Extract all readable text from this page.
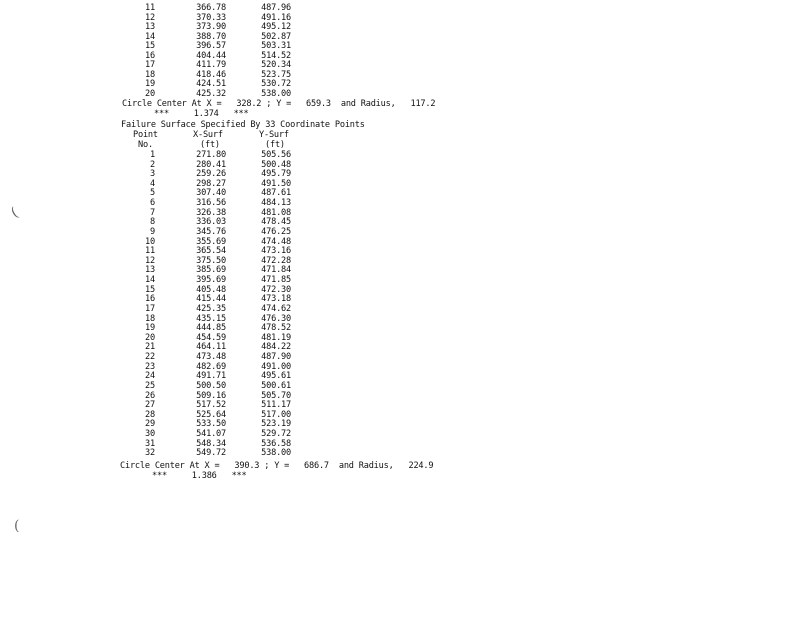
(
(
11	366.78	487.96
12	370.33	491.16
13	373.90	495.12
14	388.70	502.87
15	396.57	503.31
16	404.44	514.52
17	411.79	520.34
18	418.46	523.75
19	424.51	530.72
20	425.32	538.00
Circle Center At X =   328.2 ; Y =   659.3  and Radius,   117.2
***     1.374   ***
Failure Surface Specified By 33 Coordinate Points
Point	X-Surf	Y-Surf
No.	(ft)	(ft)
1	271.80	505.56
2	280.41	500.48
3	259.26	495.79
4	298.27	491.50
5	307.40	487.61
6	316.56	484.13
7	326.38	481.08
8	336.03	478.45
9	345.76	476.25
10	355.69	474.48
11	365.54	473.16
12	375.50	472.28
13	385.69	471.84
14	395.69	471.85
15	405.48	472.30
16	415.44	473.18
17	425.35	474.62
18	435.15	476.30
19	444.85	478.52
20	454.59	481.19
21	464.11	484.22
22	473.48	487.90
23	482.69	491.00
24	491.71	495.61
25	500.50	500.61
26	509.16	505.70
27	517.52	511.17
28	525.64	517.00
29	533.50	523.19
30	541.07	529.72
31	548.34	536.58
32	549.72	538.00
Circle Center At X =   390.3 ; Y =   686.7  and Radius,   224.9
***     1.386   ***
